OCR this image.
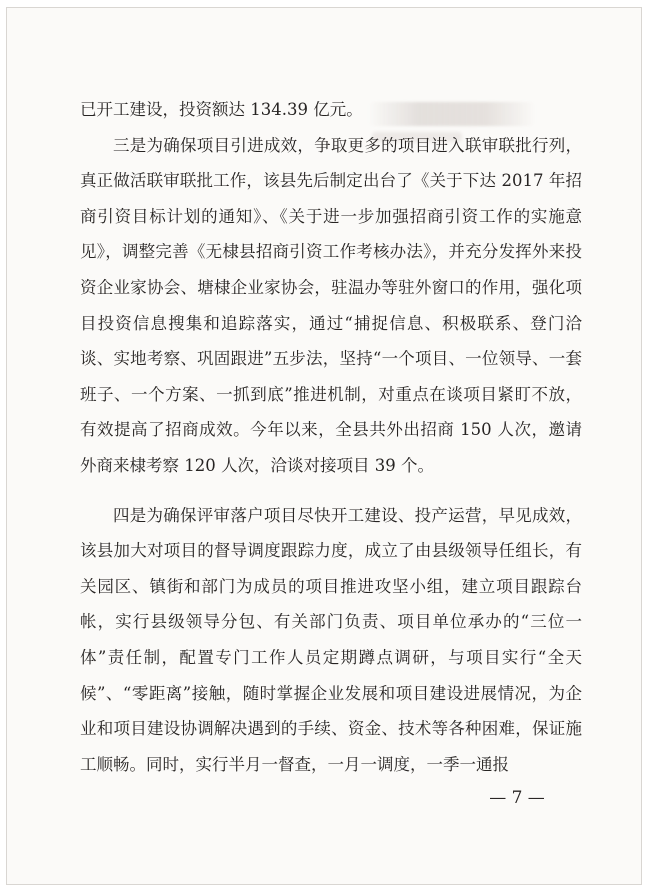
已开工建设，投资额达 134.39 亿元。

三是为确保项目引进成效，争取更多的项目进入联审联批行列，真正做活联审联批工作，该县先后制定出台了《关于下达 2017 年招商引资目标计划的通知》、《关于进一步加强招商引资工作的实施意见》，调整完善《无棣县招商引资工作考核办法》，并充分发挥外来投资企业家协会、塘棣企业家协会，驻温办等驻外窗口的作用，强化项目投资信息搜集和追踪落实，通过“捕捉信息、积极联系、登门洽谈、实地考察、巩固跟进”五步法，坚持“一个项目、一位领导、一套班子、一个方案、一抓到底”推进机制，对重点在谈项目紧盯不放，有效提高了招商成效。今年以来，全县共外出招商 150 人次，邀请外商来棣考察 120 人次，洽谈对接项目 39 个。

四是为确保评审落户项目尽快开工建设、投产运营，早见成效，该县加大对项目的督导调度跟踪力度，成立了由县级领导任组长，有关园区、镇街和部门为成员的项目推进攻坚小组，建立项目跟踪台帐，实行县级领导分包、有关部门负责、项目单位承办的“三位一体”责任制，配置专门工作人员定期蹲点调研，与项目实行“全天候”、“零距离”接触，随时掌握企业发展和项目建设进展情况，为企业和项目建设协调解决遇到的手续、资金、技术等各种困难，保证施工顺畅。同时，实行半月一督查，一月一调度，一季一通报

— 7 —
